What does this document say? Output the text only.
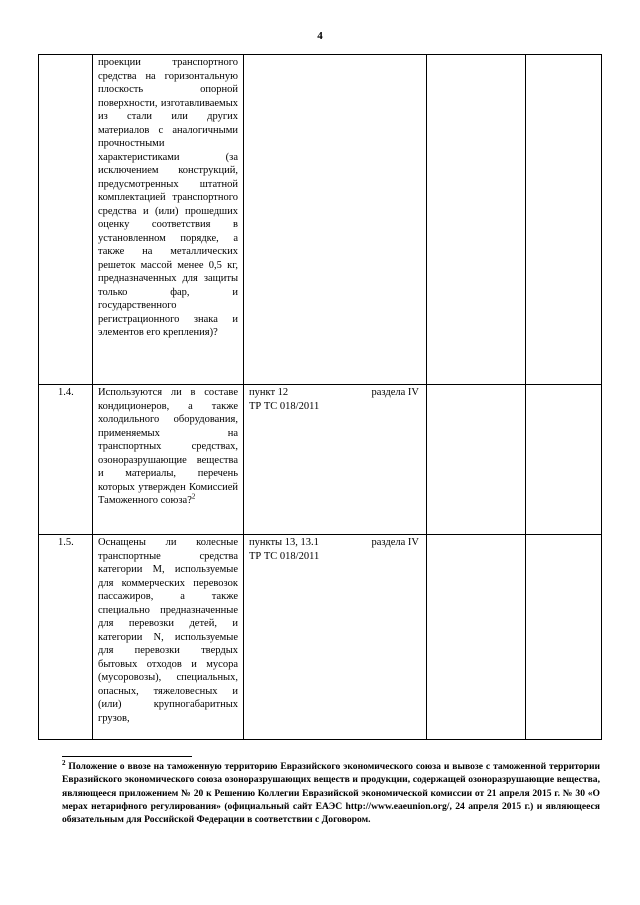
4
проекции транспортного средства на горизонтальную плоскость опорной поверхности, изготавливаемых из стали или других материалов с аналогичными прочностными характеристиками (за исключением конструкций, предусмотренных штатной комплектацией транспортного средства и (или) прошедших оценку соответствия в установленном порядке, а также на металлических решеток массой менее 0,5 кг, предназначенных для защиты только фар, и государственного регистрационного знака и элементов его крепления)?
1.4. Используются ли в составе кондиционеров, а также холодильного оборудования, применяемых на транспортных средствах, озоноразрушающие вещества и материалы, перечень которых утвержден Комиссией Таможенного союза?$^2$
пункт 12	раздела IV
ТР ТС 018/2011
1.5. Оснащены ли колесные транспортные средства категории M, используемые для коммерческих перевозок пассажиров, а также специально предназначенные для перевозки детей, и категории N, используемые для перевозки твердых бытовых отходов и мусора (мусоровозы), специальных, опасных, тяжеловесных и (или) крупногабаритных грузов,
пункты 13, 13.1	раздела IV
ТР ТС 018/2011
$^2$ Положение о ввозе на таможенную территорию Евразийского экономического союза и вывозе с таможенной территории Евразийского экономического союза озоноразрушающих веществ и продукции, содержащей озоноразрушающие вещества, являющееся приложением № 20 к Решению Коллегии Евразийской экономической комиссии от 21 апреля 2015 г. № 30 «О мерах нетарифного регулирования» (официальный сайт ЕАЭС http://www.eaeunion.org/, 24 апреля 2015 г.) и являющееся обязательным для Российской Федерации в соответствии с Договором.
